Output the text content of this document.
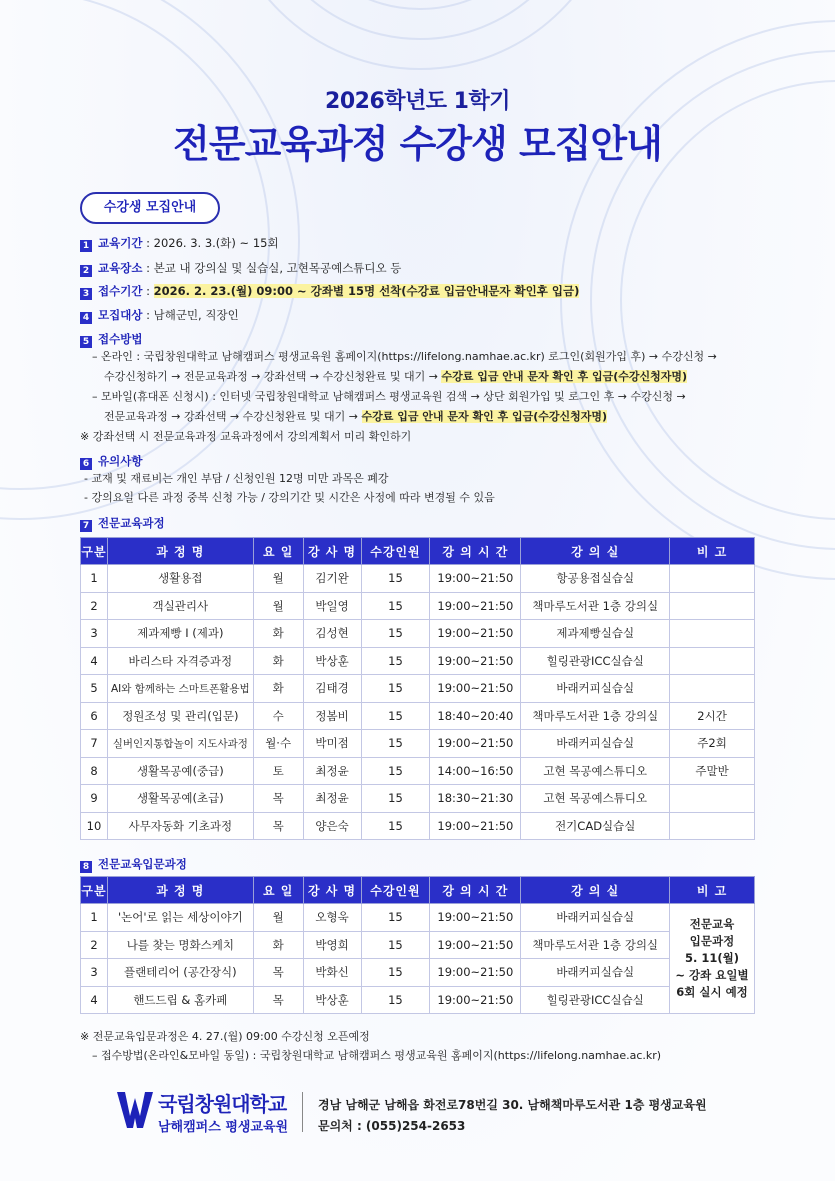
2026학년도 1학기
전문교육과정 수강생 모집안내
수강생 모집안내
1 교육기간 : 2026. 3. 3.(화) ~ 15회
2 교육장소 : 본교 내 강의실 및 실습실, 고현목공예스튜디오 등
3 접수기간 : 2026. 2. 23.(월) 09:00 ~ 강좌별 15명 선착(수강료 입금안내문자 확인후 입금)
4 모집대상 : 남해군민, 직장인
5 접수방법
– 온라인 : 국립창원대학교 남해캠퍼스 평생교육원 홈페이지(https://lifelong.namhae.ac.kr) 로그인(회원가입 후) → 수강신청 →
수강신청하기 → 전문교육과정 → 강좌선택 → 수강신청완료 및 대기 → 수강료 입금 안내 문자 확인 후 입금(수강신청자명)
– 모바일(휴대폰 신청시) : 인터넷 국립창원대학교 남해캠퍼스 평생교육원 검색 → 상단 회원가입 및 로그인 후 → 수강신청 →
전문교육과정 → 강좌선택 → 수강신청완료 및 대기 → 수강료 입금 안내 문자 확인 후 입금(수강신청자명)
※ 강좌선택 시 전문교육과정 교육과정에서 강의계획서 미리 확인하기
6 유의사항
- 교재 및 재료비는 개인 부담 / 신청인원 12명 미만 과목은 폐강
- 강의요일 다른 과정 중복 신청 가능 / 강의기간 및 시간은 사정에 따라 변경될 수 있음
7 전문교육과정
구분	과 정 명	요 일	강 사 명	수강인원	강 의 시 간	강 의 실	비 고
1	생활용접	월	김기완	15	19:00~21:50	항공용접실습실	
2	객실관리사	월	박일영	15	19:00~21:50	책마루도서관 1층 강의실	
3	제과제빵 I (제과)	화	김성현	15	19:00~21:50	제과제빵실습실	
4	바리스타 자격증과정	화	박상훈	15	19:00~21:50	힐링관광ICC실습실	
5	AI와 함께하는 스마트폰활용법	화	김태경	15	19:00~21:50	바래커피실습실	
6	정원조성 및 관리(입문)	수	정봄비	15	18:40~20:40	책마루도서관 1층 강의실	2시간
7	실버인지통합놀이 지도사과정	월·수	박미점	15	19:00~21:50	바래커피실습실	주2회
8	생활목공예(중급)	토	최정윤	15	14:00~16:50	고현 목공예스튜디오	주말반
9	생활목공예(초급)	목	최정윤	15	18:30~21:30	고현 목공예스튜디오	
10	사무자동화 기초과정	목	양은숙	15	19:00~21:50	전기CAD실습실	
8 전문교육입문과정
구분	과 정 명	요 일	강 사 명	수강인원	강 의 시 간	강 의 실	비 고
1	'논어'로 읽는 세상이야기	월	오형욱	15	19:00~21:50	바래커피실습실	전문교육
입문과정
5. 11(월)
~ 강좌 요일별
6회 실시 예정

2	나를 찾는 명화스케치	화	박영희	15	19:00~21:50	책마루도서관 1층 강의실	
3	플랜테리어 (공간장식)	목	박화신	15	19:00~21:50	바래커피실습실	
4	핸드드립 & 홈카페	목	박상훈	15	19:00~21:50	힐링관광ICC실습실	
※ 전문교육입문과정은 4. 27.(월) 09:00 수강신청 오픈예정
– 접수방법(온라인&모바일 동일) : 국립창원대학교 남해캠퍼스 평생교육원 홈페이지(https://lifelong.namhae.ac.kr)
국립창원대학교
남해캠퍼스 평생교육원
경남 남해군 남해읍 화전로78번길 30. 남해책마루도서관 1층 평생교육원
문의처 : (055)254-2653
